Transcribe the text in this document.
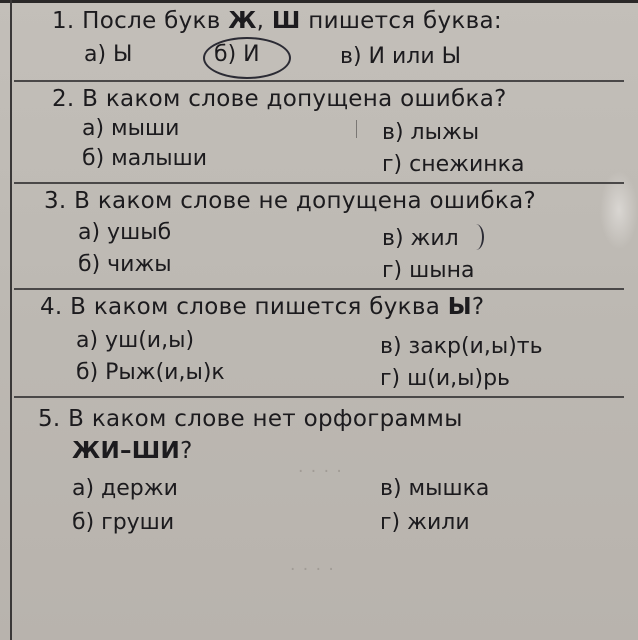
· · · ·
· · · ·
1. После букв Ж, Ш пишется буква:
а) Ы	б) И	в) И или Ы
2. В каком слове допущена ошибка?
а) мыши
б) малыши
в) лыжы
г) снежинка
3. В каком слове не допущена ошибка?
а) ушыб
б) чижы
в) жил
г) шына
4. В каком слове пишется буква Ы?
а) уш(и,ы)
б) Рыж(и,ы)к
в) закр(и,ы)ть
г) ш(и,ы)рь
5. В каком слове нет орфограммы
ЖИ–ШИ?
а) держи
б) груши
в) мышка
г) жили
